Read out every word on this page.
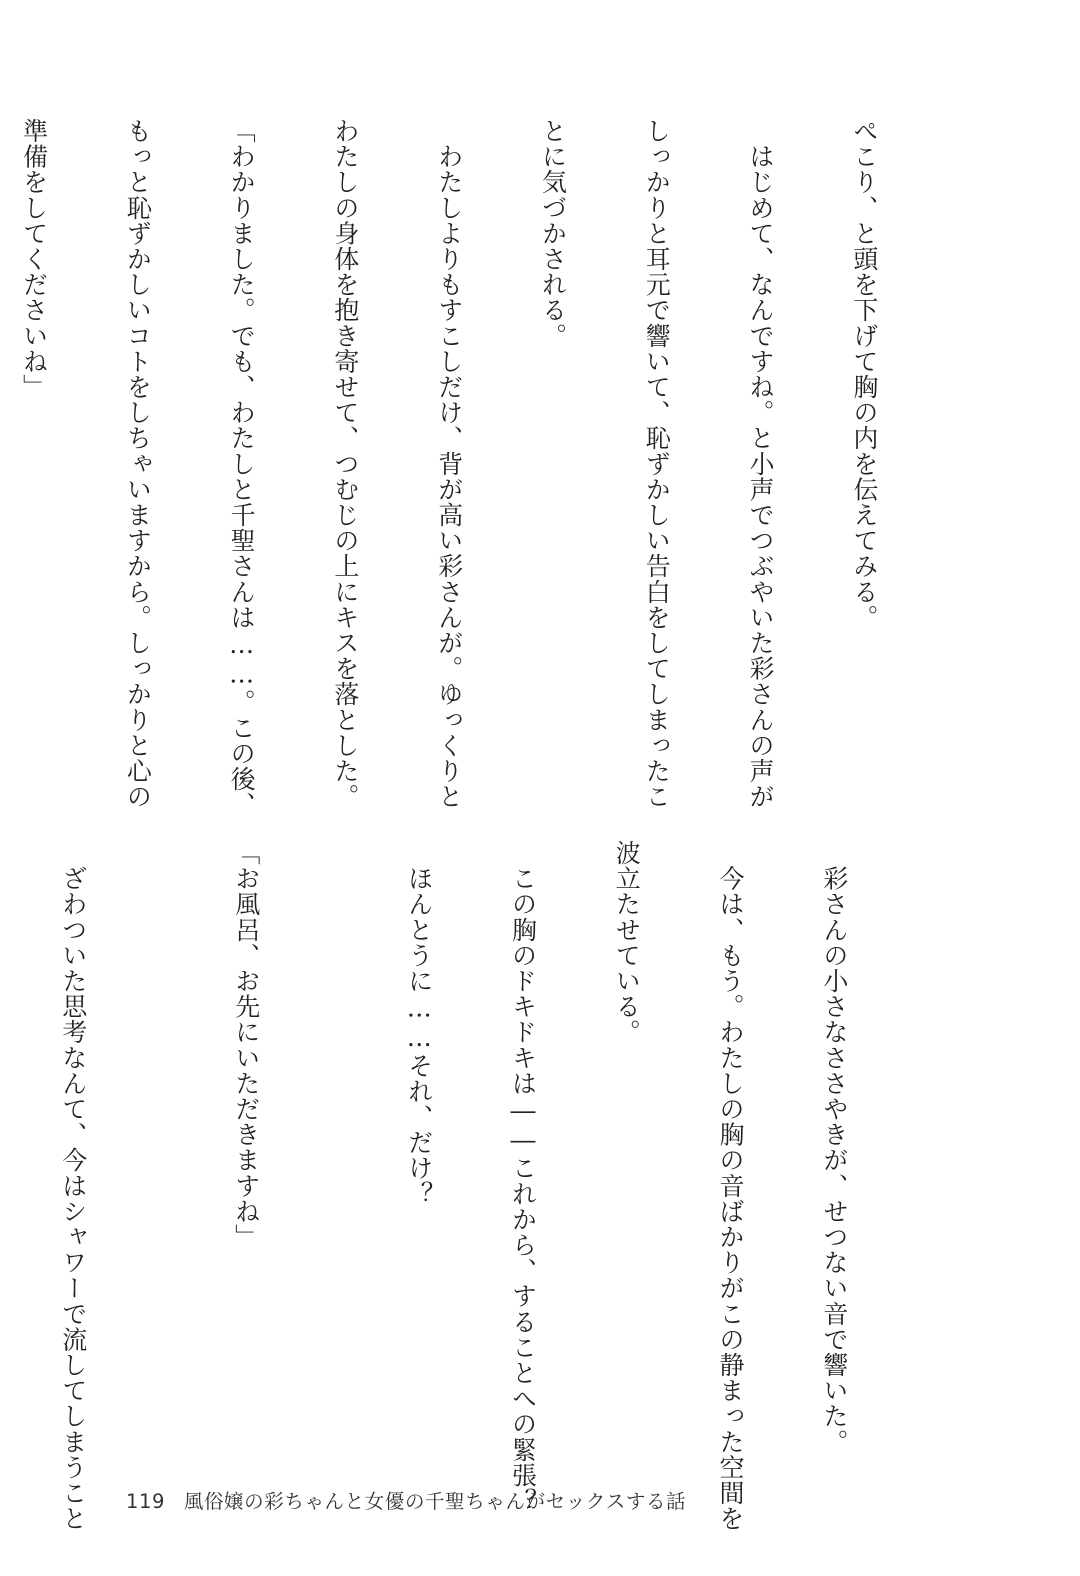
ぺこり、と頭を下げて胸の内を伝えてみる。

　はじめて、なんですね。と小声でつぶやいた彩さんの声が

しっかりと耳元で響いて、恥ずかしい告白をしてしまったこ

とに気づかされる。

　わたしよりもすこしだけ、背が高い彩さんが。ゆっくりと

わたしの身体を抱き寄せて、つむじの上にキスを落とした。

「わかりました。でも、わたしと千聖さんは……。この後、

もっと恥ずかしいコトをしちゃいますから。しっかりと心の

準備をしてくださいね」

　彩さんの小さなささやきが、せつない音で響いた。

　今は、もう。わたしの胸の音ばかりがこの静まった空間を

波立たせている。

　この胸のドキドキは――これから、することへの緊張？

　ほんとうに……それ、だけ？

「お風呂、お先にいただきますね」

　ざわついた思考なんて、今はシャワーで流してしまうこと

119 風俗嬢の彩ちゃんと女優の千聖ちゃんがセックスする話
